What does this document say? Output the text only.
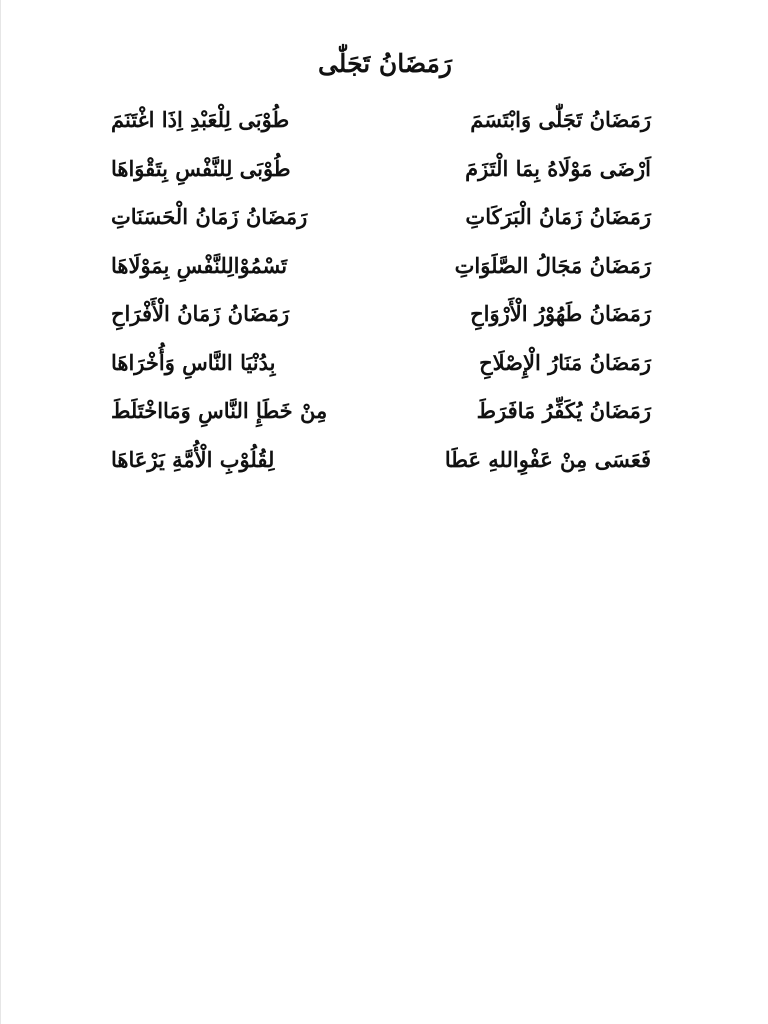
رَمَضَانُ تَجَلّٰى
رَمَضَانُ تَجَلّٰى وَابْتَسَمَ
طُوْبَى لِلْعَبْدِ اِذَا اغْتَنَمَ
اَرْضَى مَوْلَاهُ بِمَا الْتَزَمَ
طُوْبَى لِلنَّفْسِ بِتَقْوَاهَا
رَمَضَانُ زَمَانُ الْبَرَكَاتِ
رَمَضَانُ زَمَانُ الْحَسَنَاتِ
رَمَضَانُ مَجَالُ الصَّلَوَاتِ
تَسْمُوْالِلنَّفْسِ بِمَوْلَاهَا
رَمَضَانُ طَهُوْرُ الْأَرْوَاحِ
رَمَضَانُ زَمَانُ الْأَفْرَاحِ
رَمَضَانُ مَنَارُ الْإِصْلَاحِ
بِدُنْيَا النَّاسِ وَأُخْرَاهَا
رَمَضَانُ يُكَفِّرُ مَافَرَطَ
مِنْ خَطَإِ النَّاسِ وَمَااخْتَلَطَ
فَعَسَى مِنْ عَفْوِاللهِ عَطَا
لِقُلُوْبِ الْأُمَّةِ يَرْعَاهَا
